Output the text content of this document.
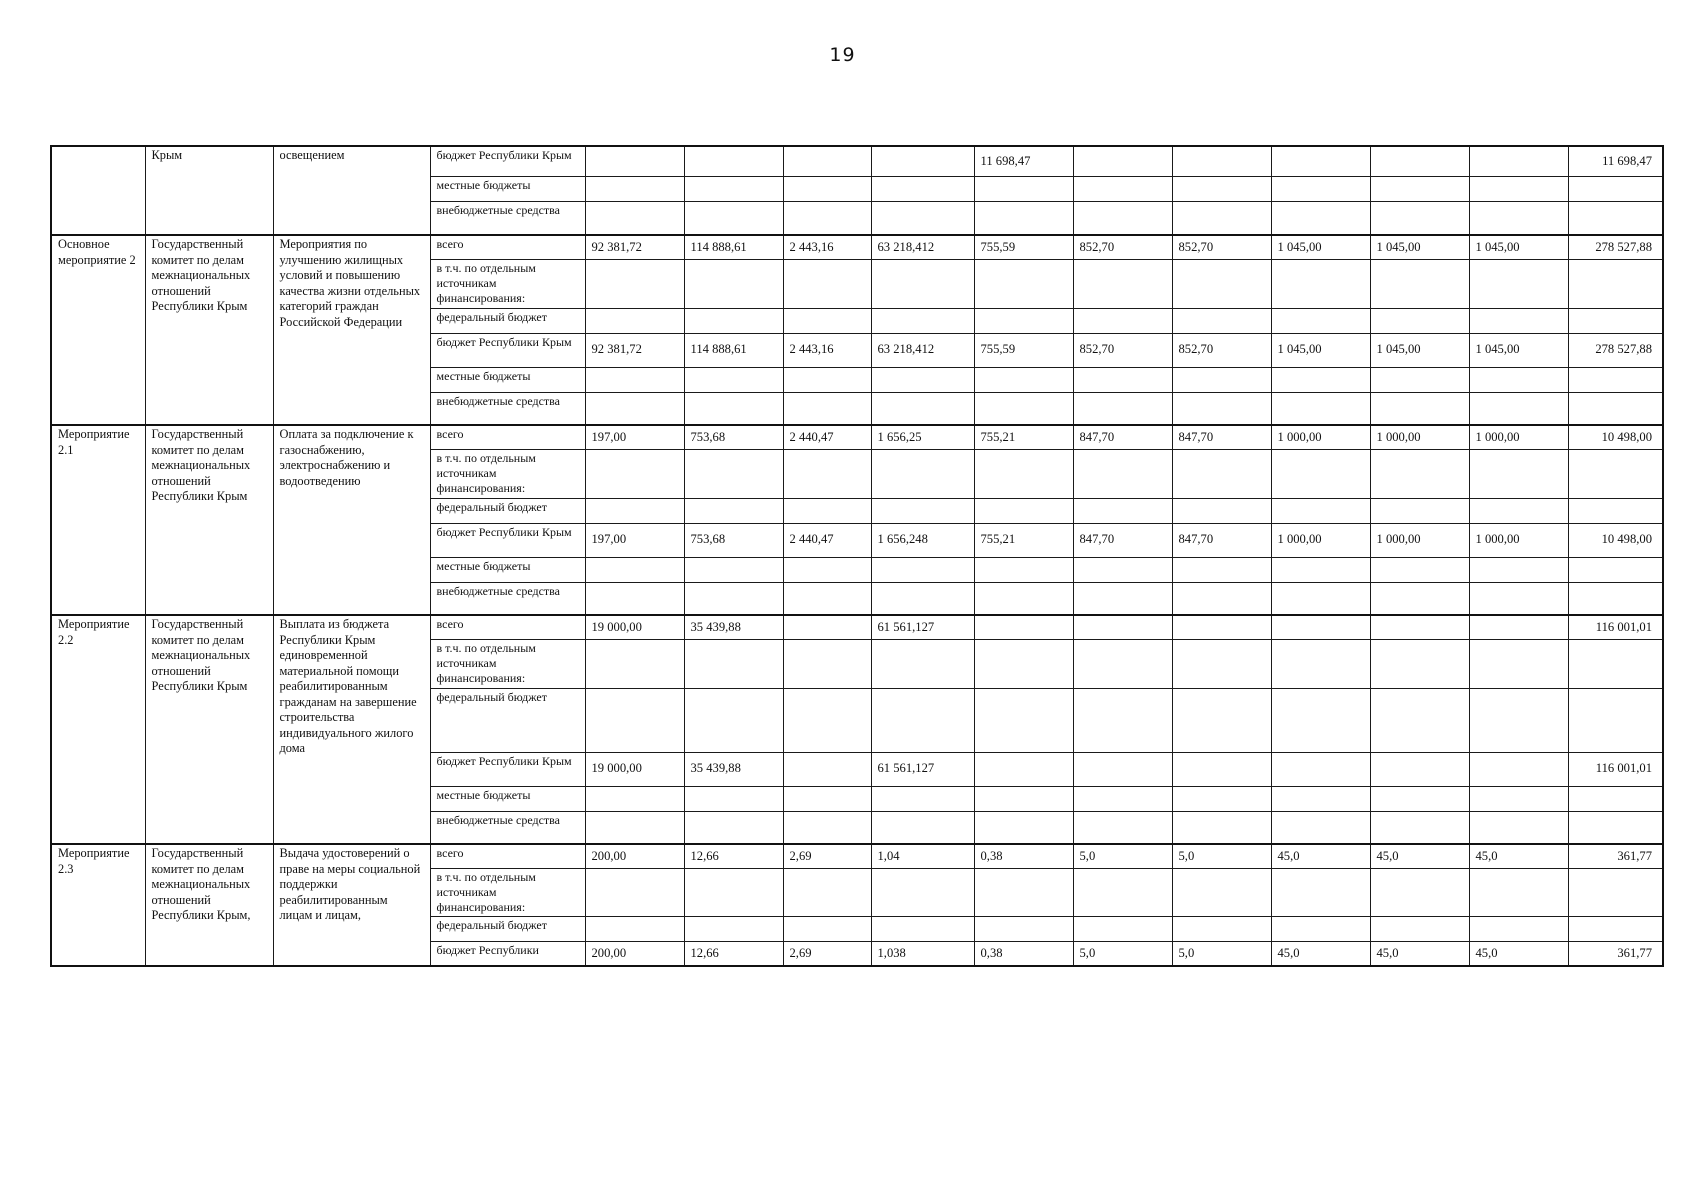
19
	Крым	освещением	бюджет Республики Крым					11 698,47						11 698,47
			местные бюджеты											
			внебюджетные средства											
Основное мероприятие 2	Государственный комитет по делам межнациональных отношений Республики Крым	Мероприятия по улучшению жилищных условий и повышению качества жизни отдельных категорий граждан Российской Федерации	всего	92 381,72	114 888,61	2 443,16	63 218,412	755,59	852,70	852,70	1 045,00	1 045,00	1 045,00	278 527,88
			в т.ч. по отдельным источникам финансирования:											
			федеральный бюджет											
			бюджет Республики Крым	92 381,72	114 888,61	2 443,16	63 218,412	755,59	852,70	852,70	1 045,00	1 045,00	1 045,00	278 527,88
			местные бюджеты											
			внебюджетные средства											
Мероприятие 2.1	Государственный комитет по делам межнациональных отношений Республики Крым	Оплата за подключение к газоснабжению, электроснабжению и водоотведению	всего	197,00	753,68	2 440,47	1 656,25	755,21	847,70	847,70	1 000,00	1 000,00	1 000,00	10 498,00
			в т.ч. по отдельным источникам финансирования:											
			федеральный бюджет											
			бюджет Республики Крым	197,00	753,68	2 440,47	1 656,248	755,21	847,70	847,70	1 000,00	1 000,00	1 000,00	10 498,00
			местные бюджеты											
			внебюджетные средства											
Мероприятие 2.2	Государственный комитет по делам межнациональных отношений Республики Крым	Выплата из бюджета Республики Крым единовременной материальной помощи реабилитированным гражданам на завершение строительства индивидуального жилого дома	всего	19 000,00	35 439,88		61 561,127							116 001,01
			в т.ч. по отдельным источникам финансирования:											
			федеральный бюджет											
			бюджет Республики Крым	19 000,00	35 439,88		61 561,127							116 001,01
			местные бюджеты											
			внебюджетные средства											
Мероприятие 2.3	Государственный комитет по делам межнациональных отношений Республики Крым,	Выдача удостоверений о праве на меры социальной поддержки реабилитированным лицам и лицам,	всего	200,00	12,66	2,69	1,04	0,38	5,0	5,0	45,0	45,0	45,0	361,77
			в т.ч. по отдельным источникам финансирования:											
			федеральный бюджет											
			бюджет Республики	200,00	12,66	2,69	1,038	0,38	5,0	5,0	45,0	45,0	45,0	361,77
